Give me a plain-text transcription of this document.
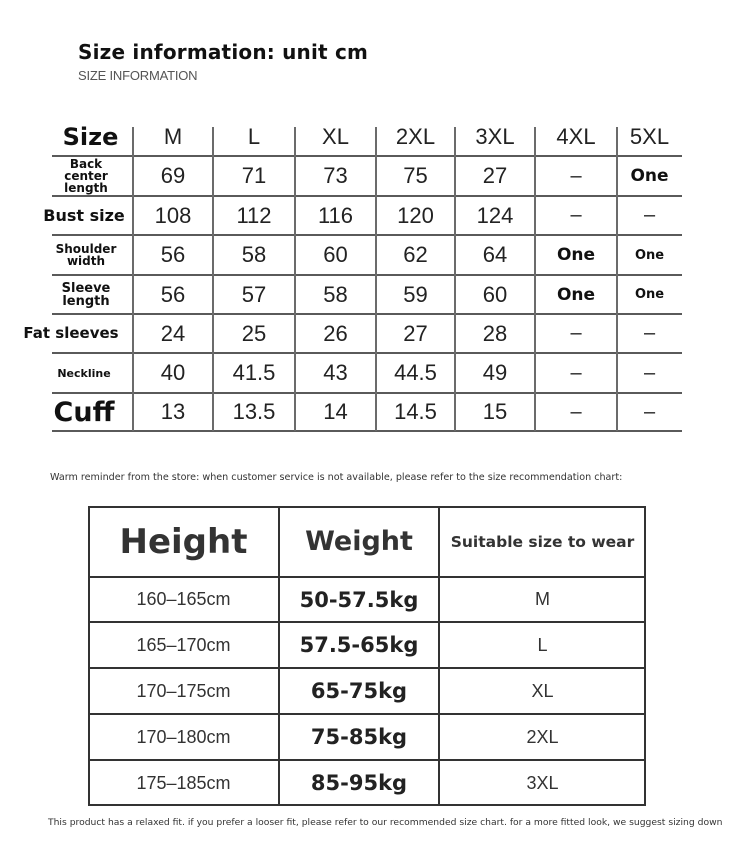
Size information: unit cm
SIZE INFORMATION
Size	M	L	XL	2XL	3XL	4XL	5XL
Back center length	69	71	73	75	27	–	One
Bust size	108	112	116	120	124	–	–
Shoulder width	56	58	60	62	64	One	One
Sleeve length	56	57	58	59	60	One	One
Fat sleeves	24	25	26	27	28	–	–
Neckline	40	41.5	43	44.5	49	–	–
Cuff	13	13.5	14	14.5	15	–	–
Warm reminder from the store: when customer service is not available, please refer to the size recommendation chart:
Height	Weight	Suitable size to wear
160–165cm	50-57.5kg	M
165–170cm	57.5-65kg	L
170–175cm	65-75kg	XL
170–180cm	75-85kg	2XL
175–185cm	85-95kg	3XL
This product has a relaxed fit. if you prefer a looser fit, please refer to our recommended size chart. for a more fitted look, we suggest sizing down
